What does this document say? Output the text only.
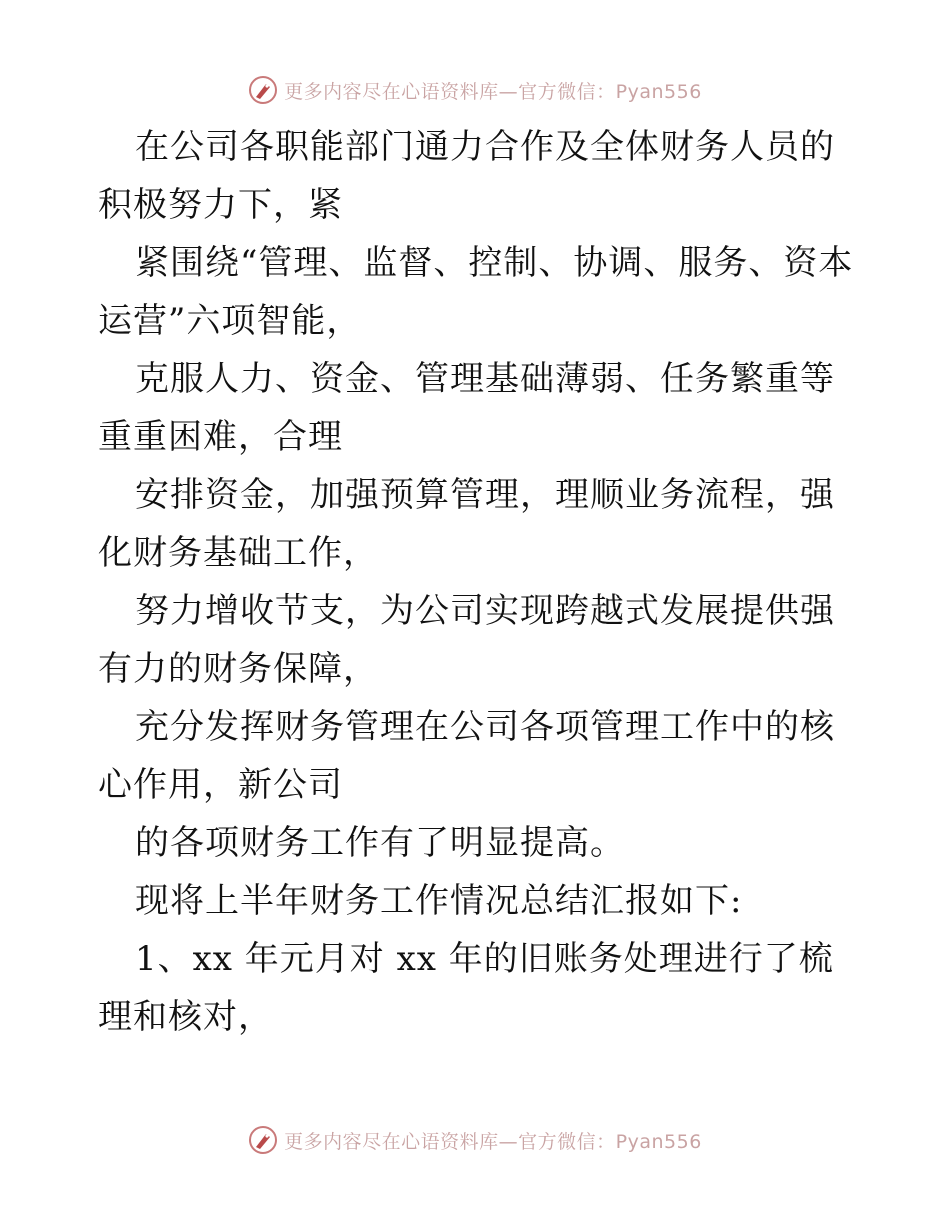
更多内容尽在心语资料库—官方微信：Pyan556

在公司各职能部门通力合作及全体财务人员的积极努力下，紧

紧围绕“管理、监督、控制、协调、服务、资本运营”六项智能，

克服人力、资金、管理基础薄弱、任务繁重等重重困难，合理

安排资金，加强预算管理，理顺业务流程，强化财务基础工作，

努力增收节支，为公司实现跨越式发展提供强有力的财务保障，

充分发挥财务管理在公司各项管理工作中的核心作用，新公司

的各项财务工作有了明显提高。

现将上半年财务工作情况总结汇报如下:

1、xx 年元月对 xx 年的旧账务处理进行了梳理和核对，

更多内容尽在心语资料库—官方微信：Pyan556
